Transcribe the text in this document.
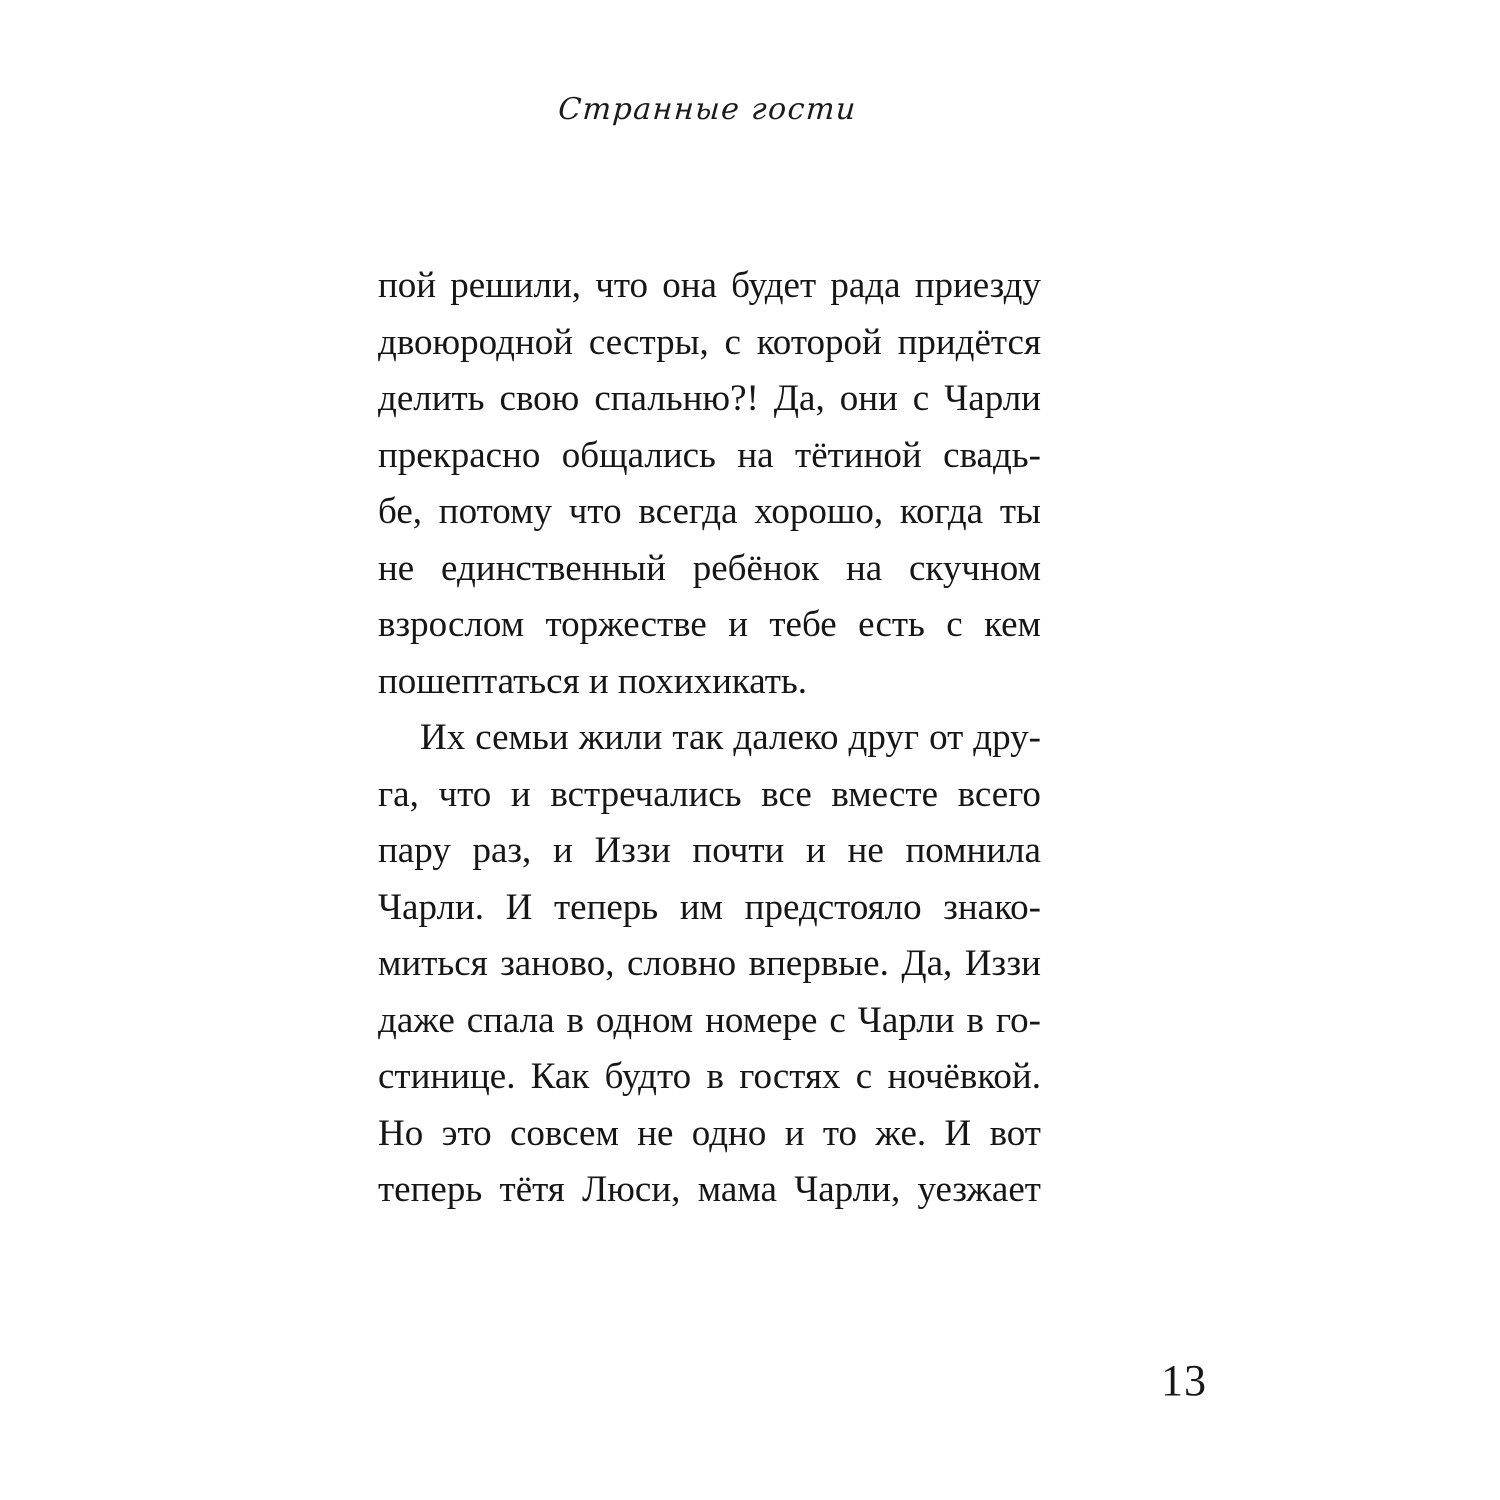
Странные гости
пой решили, что она будет рада приезду
двоюродной сестры, с которой придётся
делить свою спальню?! Да, они с Чарли
прекрасно общались на тётиной свадь-
бе, потому что всегда хорошо, когда ты
не единственный ребёнок на скучном
взрослом торжестве и тебе есть с кем
пошептаться и похихикать.
Их семьи жили так далеко друг от дру-
га, что и встречались все вместе всего
пару раз, и Иззи почти и не помнила
Чарли. И теперь им предстояло знако-
миться заново, словно впервые. Да, Иззи
даже спала в одном номере с Чарли в го-
стинице. Как будто в гостях с ночёвкой.
Но это совсем не одно и то же. И вот
теперь тётя Люси, мама Чарли, уезжает
13
